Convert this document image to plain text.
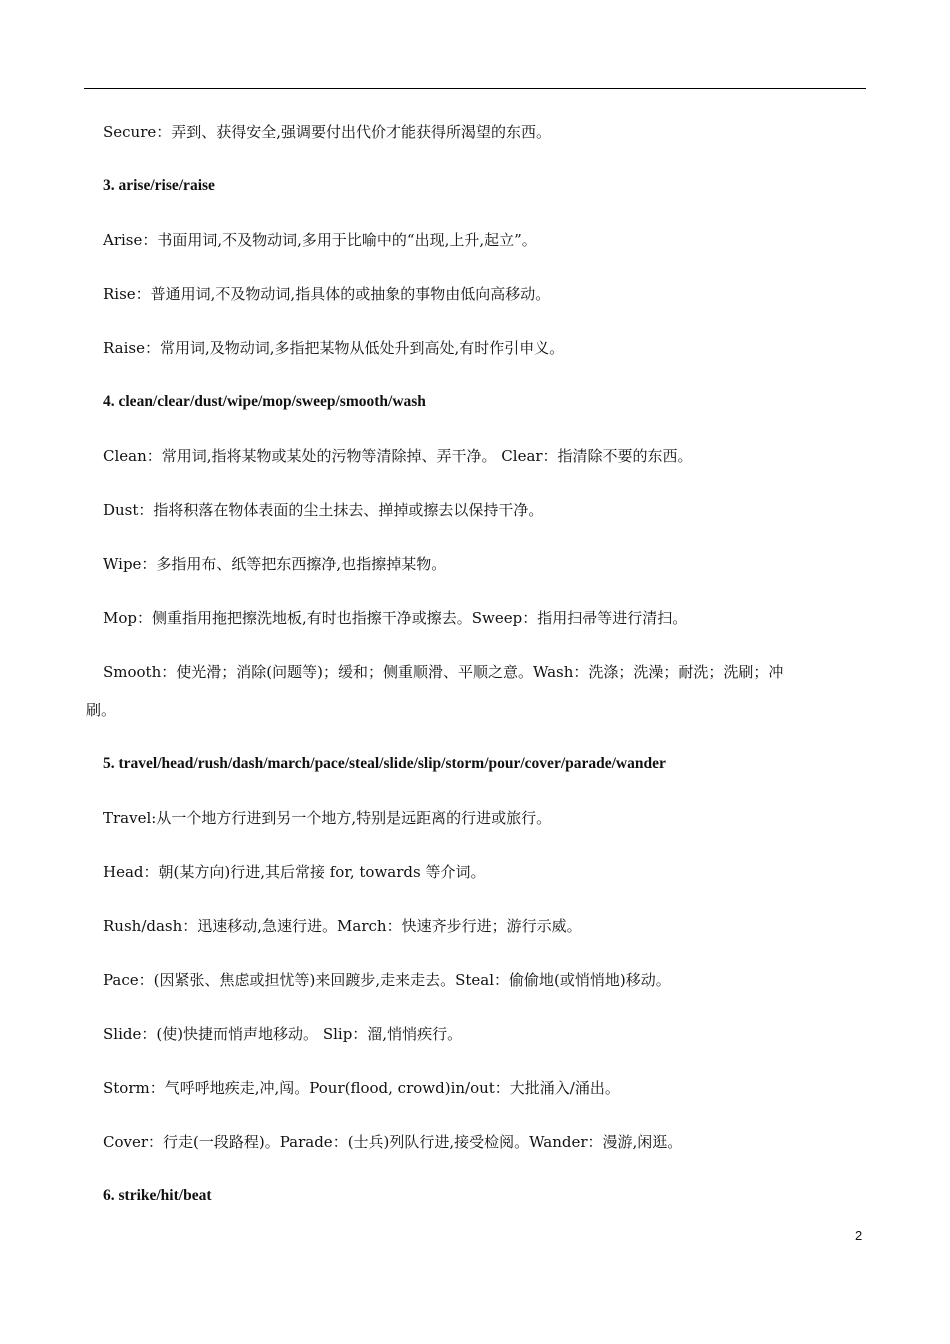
Secure：弄到、获得安全,强调要付出代价才能获得所渴望的东西。
3. arise/rise/raise
Arise：书面用词,不及物动词,多用于比喻中的“出现,上升,起立”。
Rise：普通用词,不及物动词,指具体的或抽象的事物由低向高移动。
Raise：常用词,及物动词,多指把某物从低处升到高处,有时作引申义。
4. clean/clear/dust/wipe/mop/sweep/smooth/wash
Clean：常用词,指将某物或某处的污物等清除掉、弄干净。 Clear：指清除不要的东西。
Dust：指将积落在物体表面的尘土抹去、掸掉或擦去以保持干净。
Wipe：多指用布、纸等把东西擦净,也指擦掉某物。
Mop：侧重指用拖把擦洗地板,有时也指擦干净或擦去。Sweep：指用扫帚等进行清扫。
Smooth：使光滑；消除(问题等)；缓和；侧重顺滑、平顺之意。Wash：洗涤；洗澡；耐洗；洗刷；冲
刷。
5. travel/head/rush/dash/march/pace/steal/slide/slip/storm/pour/cover/parade/wander
Travel:从一个地方行进到另一个地方,特别是远距离的行进或旅行。
Head：朝(某方向)行进,其后常接 for, towards 等介词。
Rush/dash：迅速移动,急速行进。March：快速齐步行进；游行示威。
Pace：(因紧张、焦虑或担忧等)来回踱步,走来走去。Steal：偷偷地(或悄悄地)移动。
Slide：(使)快捷而悄声地移动。 Slip：溜,悄悄疾行。
Storm：气呼呼地疾走,冲,闯。Pour(flood, crowd)in/out：大批涌入/涌出。
Cover：行走(一段路程)。Parade：(士兵)列队行进,接受检阅。Wander：漫游,闲逛。
6. strike/hit/beat
2
